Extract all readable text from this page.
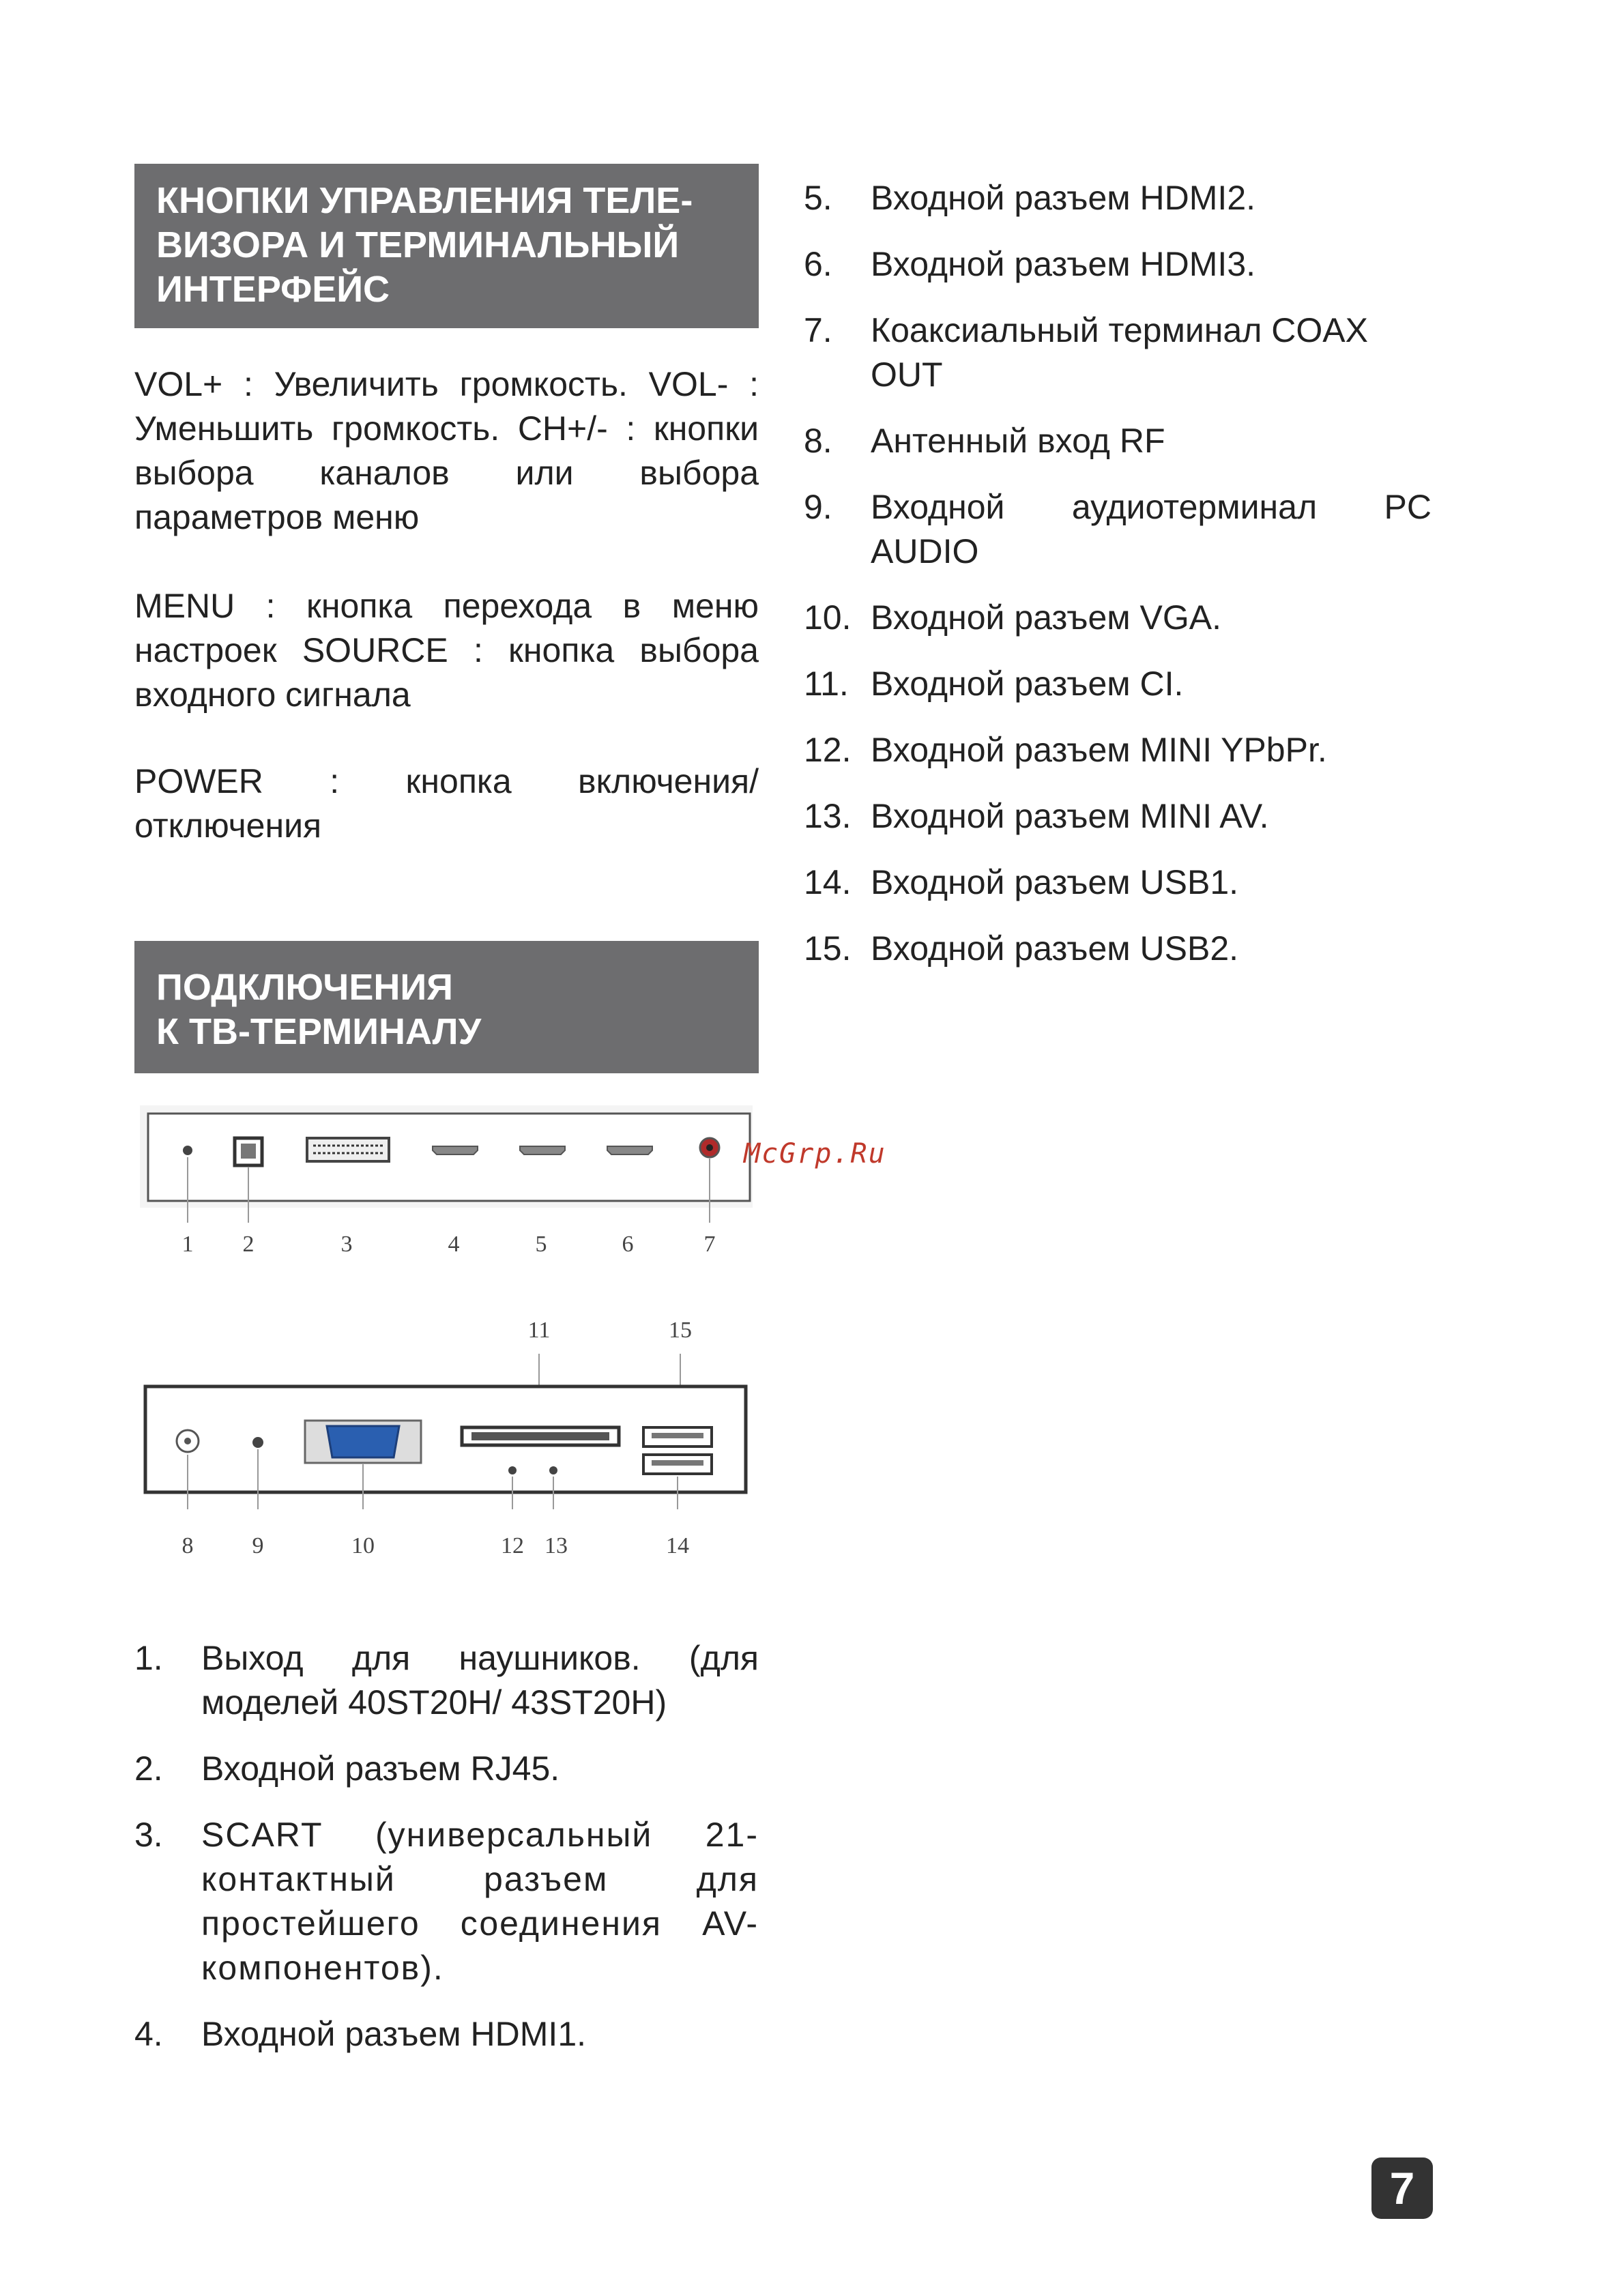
КНОПКИ УПРАВЛЕНИЯ ТЕЛЕ-ВИЗОРА И ТЕРМИНАЛЬНЫЙ ИНТЕРФЕЙС

VOL+ : Увеличить громкость. VOL- : Уменьшить громкость. CH+/- : кнопки выбора каналов или выбора параметров меню

MENU : кнопка перехода в меню настроек SOURCE : кнопка выбора входного сигнала

POWER : кнопка включения/

отключения

ПОДКЛЮЧЕНИЯ
К ТВ-ТЕРМИНАЛУ
1 2	3	4	5	6	7
11	15
8	9	10	12 13	14
McGrp.Ru
1.	Выход для наушников. (для моделей 40ST20H/ 43ST20H)
2.	Входной разъем RJ45.
3.	SCART (универсальный 21-контактный разъем для простейшего соединения AV-компонентов).
4.	Входной разъем HDMI1.
5.	Входной разъем HDMI2.
6.	Входной разъем HDMI3.
7.	Коаксиальный терминал COAX OUT
8.	Антенный вход RF
9.	Входной аудиотерминал PC AUDIO
10. Входной разъем VGA.
11. Входной разъем CI.
12. Входной разъем MINI YPbPr.
13. Входной разъем MINI AV.
14. Входной разъем USB1.
15. Входной разъем USB2.
7
